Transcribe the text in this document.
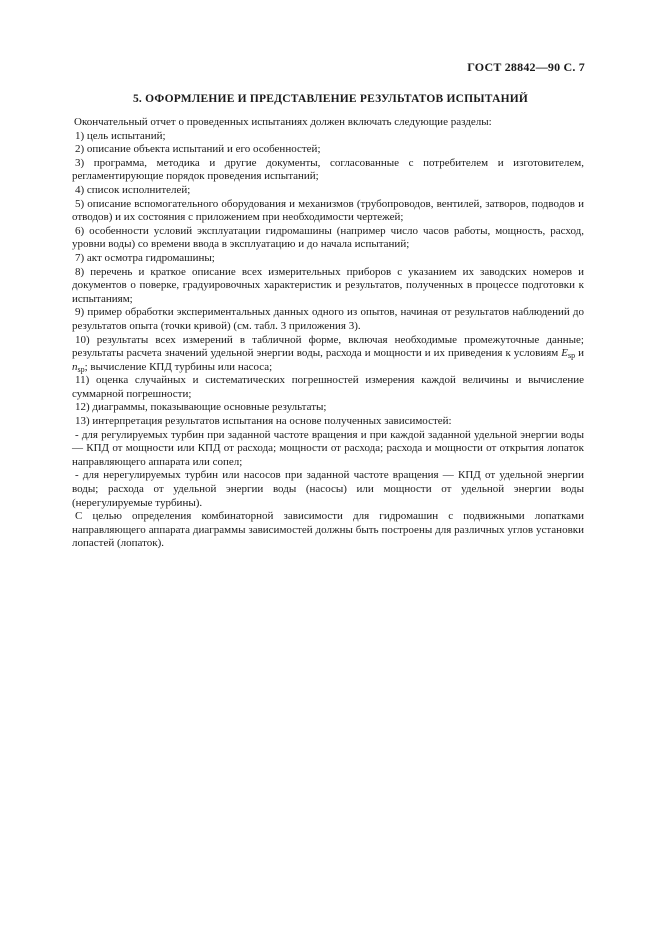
ГОСТ 28842—90 С. 7
5. ОФОРМЛЕНИЕ И ПРЕДСТАВЛЕНИЕ РЕЗУЛЬТАТОВ ИСПЫТАНИЙ

Окончательный отчет о проведенных испытаниях должен включать следующие разделы:

1) цель испытаний;

2) описание объекта испытаний и его особенностей;

3) программа, методика и другие документы, согласованные с потребителем и изготовителем, регламентирующие порядок проведения испытаний;

4) список исполнителей;

5) описание вспомогательного оборудования и механизмов (трубопроводов, вентилей, затворов, подводов и отводов) и их состояния с приложением при необходимости чертежей;

6) особенности условий эксплуатации гидромашины (например число часов работы, мощность, расход, уровни воды) со времени ввода в эксплуатацию и до начала испытаний;

7) акт осмотра гидромашины;

8) перечень и краткое описание всех измерительных приборов с указанием их заводских номеров и документов о поверке, градуировочных характеристик и результатов, полученных в процессе подготовки к испытаниям;

9) пример обработки экспериментальных данных одного из опытов, начиная от результатов наблюдений до результатов опыта (точки кривой) (см. табл. 3 приложения 3).

10) результаты всех измерений в табличной форме, включая необходимые промежуточные данные; результаты расчета значений удельной энергии воды, расхода и мощности и их приведения к условиям $E_{sp}$ и $n_{sp}$; вычисление КПД турбины или насоса;

11) оценка случайных и систематических погрешностей измерения каждой величины и вычисление суммарной погрешности;

12) диаграммы, показывающие основные результаты;

13) интерпретация результатов испытания на основе полученных зависимостей:

- для регулируемых турбин при заданной частоте вращения и при каждой заданной удельной энергии воды — КПД от мощности или КПД от расхода; мощности от расхода; расхода и мощности от открытия лопаток направляющего аппарата или сопел;

- для нерегулируемых турбин или насосов при заданной частоте вращения — КПД от удельной энергии воды; расхода от удельной энергии воды (насосы) или мощности от удельной энергии воды (нерегулируемые турбины).

С целью определения комбинаторной зависимости для гидромашин с подвижными лопатками направляющего аппарата диаграммы зависимостей должны быть построены для различных углов установки лопастей (лопаток).
